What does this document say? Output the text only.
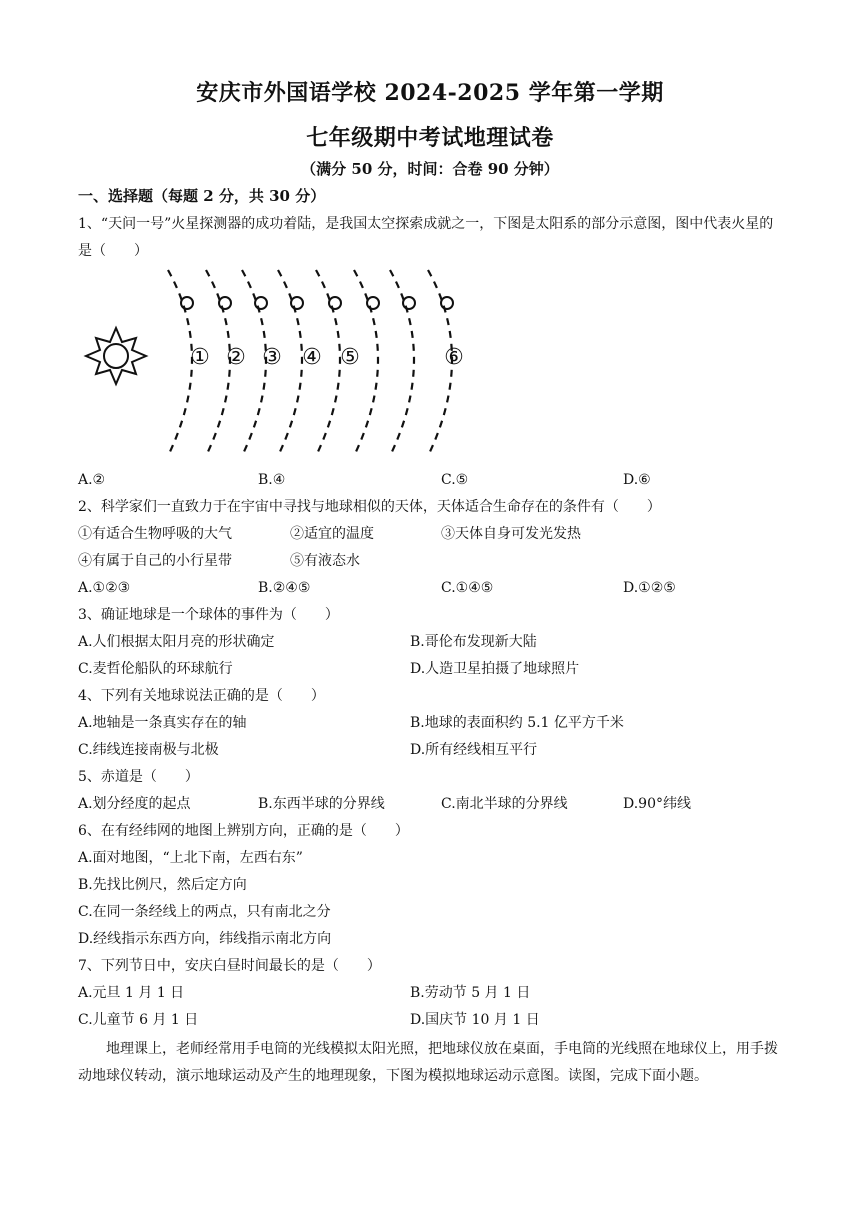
安庆市外国语学校 2024-2025 学年第一学期
七年级期中考试地理试卷
（满分 50 分，时间：合卷 90 分钟）
一、选择题（每题 2 分，共 30 分）
1、“天问一号”火星探测器的成功着陆，是我国太空探索成就之一，下图是太阳系的部分示意图，图中代表火星的是（　　）
① ② ③ ④ ⑤	⑥
A.②	B.④	C.⑤	D.⑥
2、科学家们一直致力于在宇宙中寻找与地球相似的天体，天体适合生命存在的条件有（　　）
①有适合生物呼吸的大气	②适宜的温度	③天体自身可发光发热
④有属于自己的小行星带	⑤有液态水
A.①②③	B.②④⑤	C.①④⑤	D.①②⑤
3、确证地球是一个球体的事件为（　　）
A.人们根据太阳月亮的形状确定	B.哥伦布发现新大陆
C.麦哲伦船队的环球航行	D.人造卫星拍摄了地球照片
4、下列有关地球说法正确的是（　　）
A.地轴是一条真实存在的轴	B.地球的表面积约 5.1 亿平方千米
C.纬线连接南极与北极	D.所有经线相互平行
5、赤道是（　　）
A.划分经度的起点	B.东西半球的分界线	C.南北半球的分界线	D.90°纬线
6、在有经纬网的地图上辨别方向，正确的是（　　）
A.面对地图，“上北下南，左西右东”
B.先找比例尺，然后定方向
C.在同一条经线上的两点，只有南北之分
D.经线指示东西方向，纬线指示南北方向
7、下列节日中，安庆白昼时间最长的是（　　）
A.元旦 1 月 1 日	B.劳动节 5 月 1 日
C.儿童节 6 月 1 日	D.国庆节 10 月 1 日
地理课上，老师经常用手电筒的光线模拟太阳光照，把地球仪放在桌面，手电筒的光线照在地球仪上，用手拨动地球仪转动，演示地球运动及产生的地理现象，下图为模拟地球运动示意图。读图，完成下面小题。
